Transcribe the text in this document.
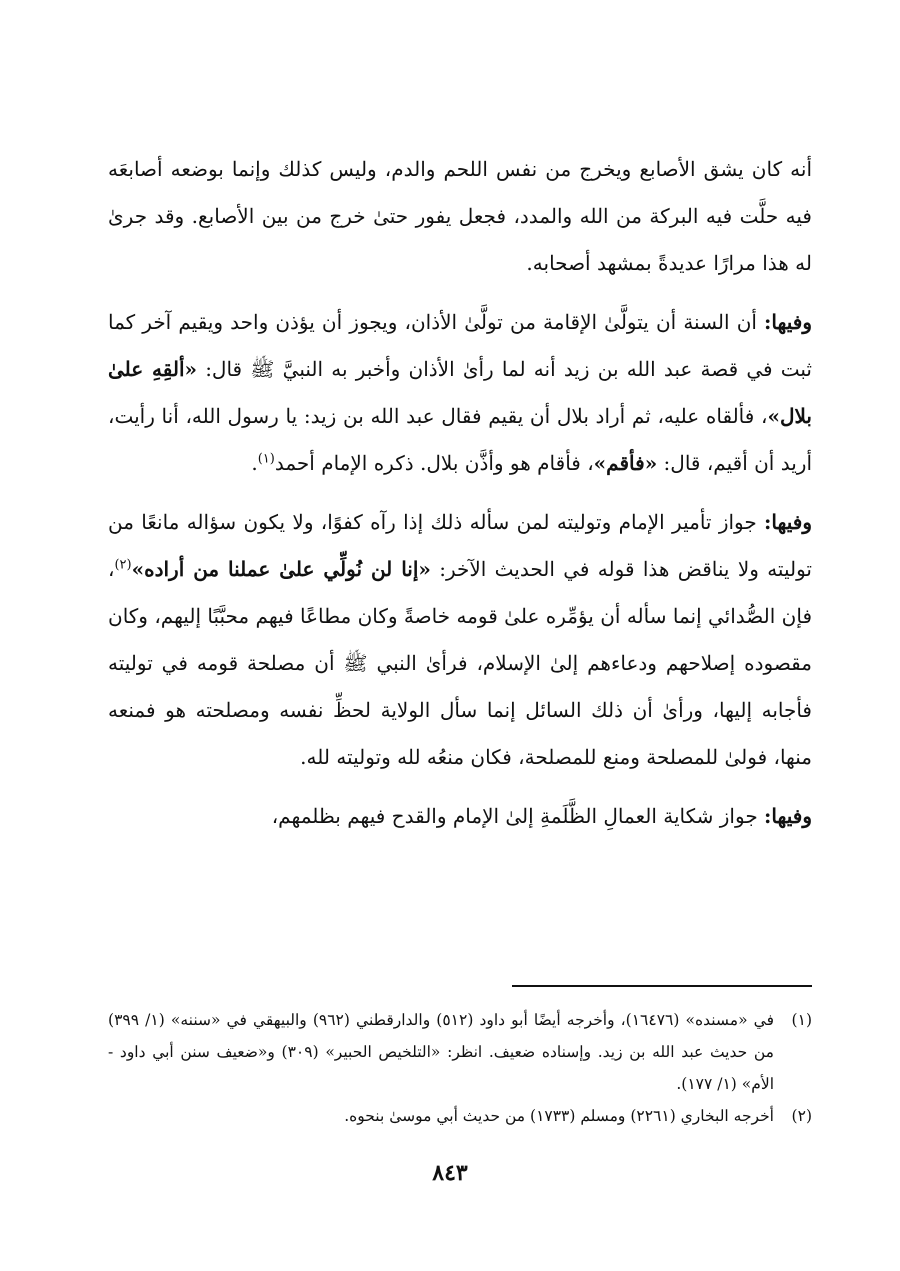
أنه كان يشق الأصابع ويخرج من نفس اللحم والدم، وليس كذلك وإنما بوضعه أصابعَه فيه حلَّت فيه البركة من الله والمدد، فجعل يفور حتىٰ خرج من بين الأصابع. وقد جرىٰ له هذا مرارًا عديدةً بمشهد أصحابه.

وفيها: أن السنة أن يتولَّىٰ الإقامة من تولَّىٰ الأذان، ويجوز أن يؤذن واحد ويقيم آخر كما ثبت في قصة عبد الله بن زيد أنه لما رأىٰ الأذان وأخبر به النبيَّ ﷺ قال: «ألقِهِ علىٰ بلال»، فألقاه عليه، ثم أراد بلال أن يقيم فقال عبد الله بن زيد: يا رسول الله، أنا رأيت، أريد أن أقيم، قال: «فأقم»، فأقام هو وأذَّن بلال. ذكره الإمام أحمد$^{(١)}$.

وفيها: جواز تأمير الإمام وتوليته لمن سأله ذلك إذا رآه كفوًا، ولا يكون سؤاله مانعًا من توليته ولا يناقض هذا قوله في الحديث الآخر: «إنا لن نُولِّي علىٰ عملنا من أراده»$^{(٢)}$، فإن الصُّدائي إنما سأله أن يؤمِّره علىٰ قومه خاصةً وكان مطاعًا فيهم محبَّبًا إليهم، وكان مقصوده إصلاحهم ودعاءهم إلىٰ الإسلام، فرأىٰ النبي ﷺ أن مصلحة قومه في توليته فأجابه إليها، ورأىٰ أن ذلك السائل إنما سأل الولاية لحظِّ نفسه ومصلحته هو فمنعه منها، فولىٰ للمصلحة ومنع للمصلحة، فكان منعُه لله وتوليته لله.

وفيها: جواز شكاية العمالِ الظَّلَمةِ إلىٰ الإمام والقدح فيهم بظلمهم،

(١)
في «مسنده» (١٦٤٧٦)، وأخرجه أيضًا أبو داود (٥١٢) والدارقطني (٩٦٢) والبيهقي في «سننه» (١/ ٣٩٩) من حديث عبد الله بن زيد. وإسناده ضعيف. انظر: «التلخيص الحبير» (٣٠٩) و«ضعيف سنن أبي داود - الأم» (١/ ١٧٧).
(٢)
أخرجه البخاري (٢٢٦١) ومسلم (١٧٣٣) من حديث أبي موسىٰ بنحوه.
٨٤٣
